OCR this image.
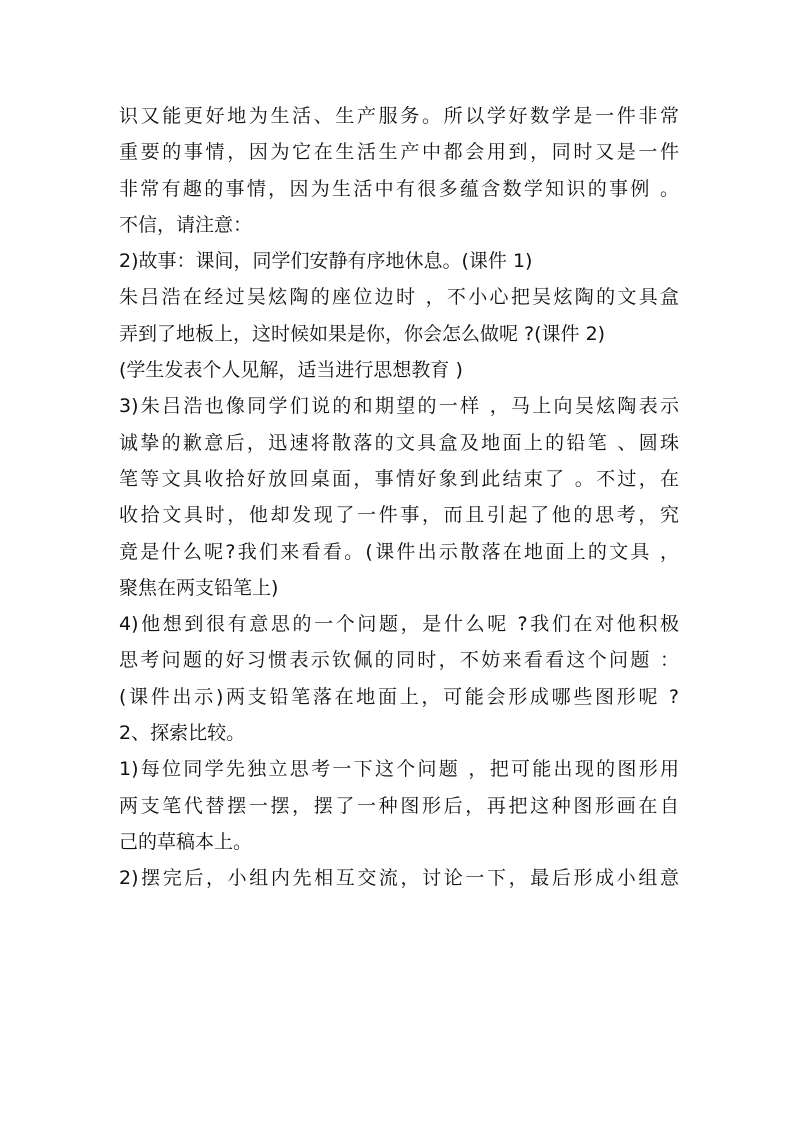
识又能更好地为生活、生产服务。所以学好数学是一件非常
重要的事情，因为它在生活生产中都会用到，同时又是一件
非常有趣的事情，因为生活中有很多蕴含数学知识的事例 。
不信，请注意：
2)故事：课间，同学们安静有序地休息。(课件 1)
朱吕浩在经过吴炫陶的座位边时 ，不小心把吴炫陶的文具盒
弄到了地板上，这时候如果是你，你会怎么做呢 ?(课件 2)
(学生发表个人见解，适当进行思想教育 )
3)朱吕浩也像同学们说的和期望的一样 ，马上向吴炫陶表示
诚挚的歉意后，迅速将散落的文具盒及地面上的铅笔 、圆珠
笔等文具收拾好放回桌面，事情好象到此结束了 。不过，在
收拾文具时，他却发现了一件事，而且引起了他的思考，究
竟是什么呢?我们来看看。(课件出示散落在地面上的文具 ，
聚焦在两支铅笔上)
4)他想到很有意思的一个问题，是什么呢 ?我们在对他积极
思考问题的好习惯表示钦佩的同时，不妨来看看这个问题 ：
(课件出示)两支铅笔落在地面上，可能会形成哪些图形呢 ?
2、探索比较。
1)每位同学先独立思考一下这个问题 ，把可能出现的图形用
两支笔代替摆一摆，摆了一种图形后，再把这种图形画在自
己的草稿本上。
2)摆完后，小组内先相互交流，讨论一下，最后形成小组意
